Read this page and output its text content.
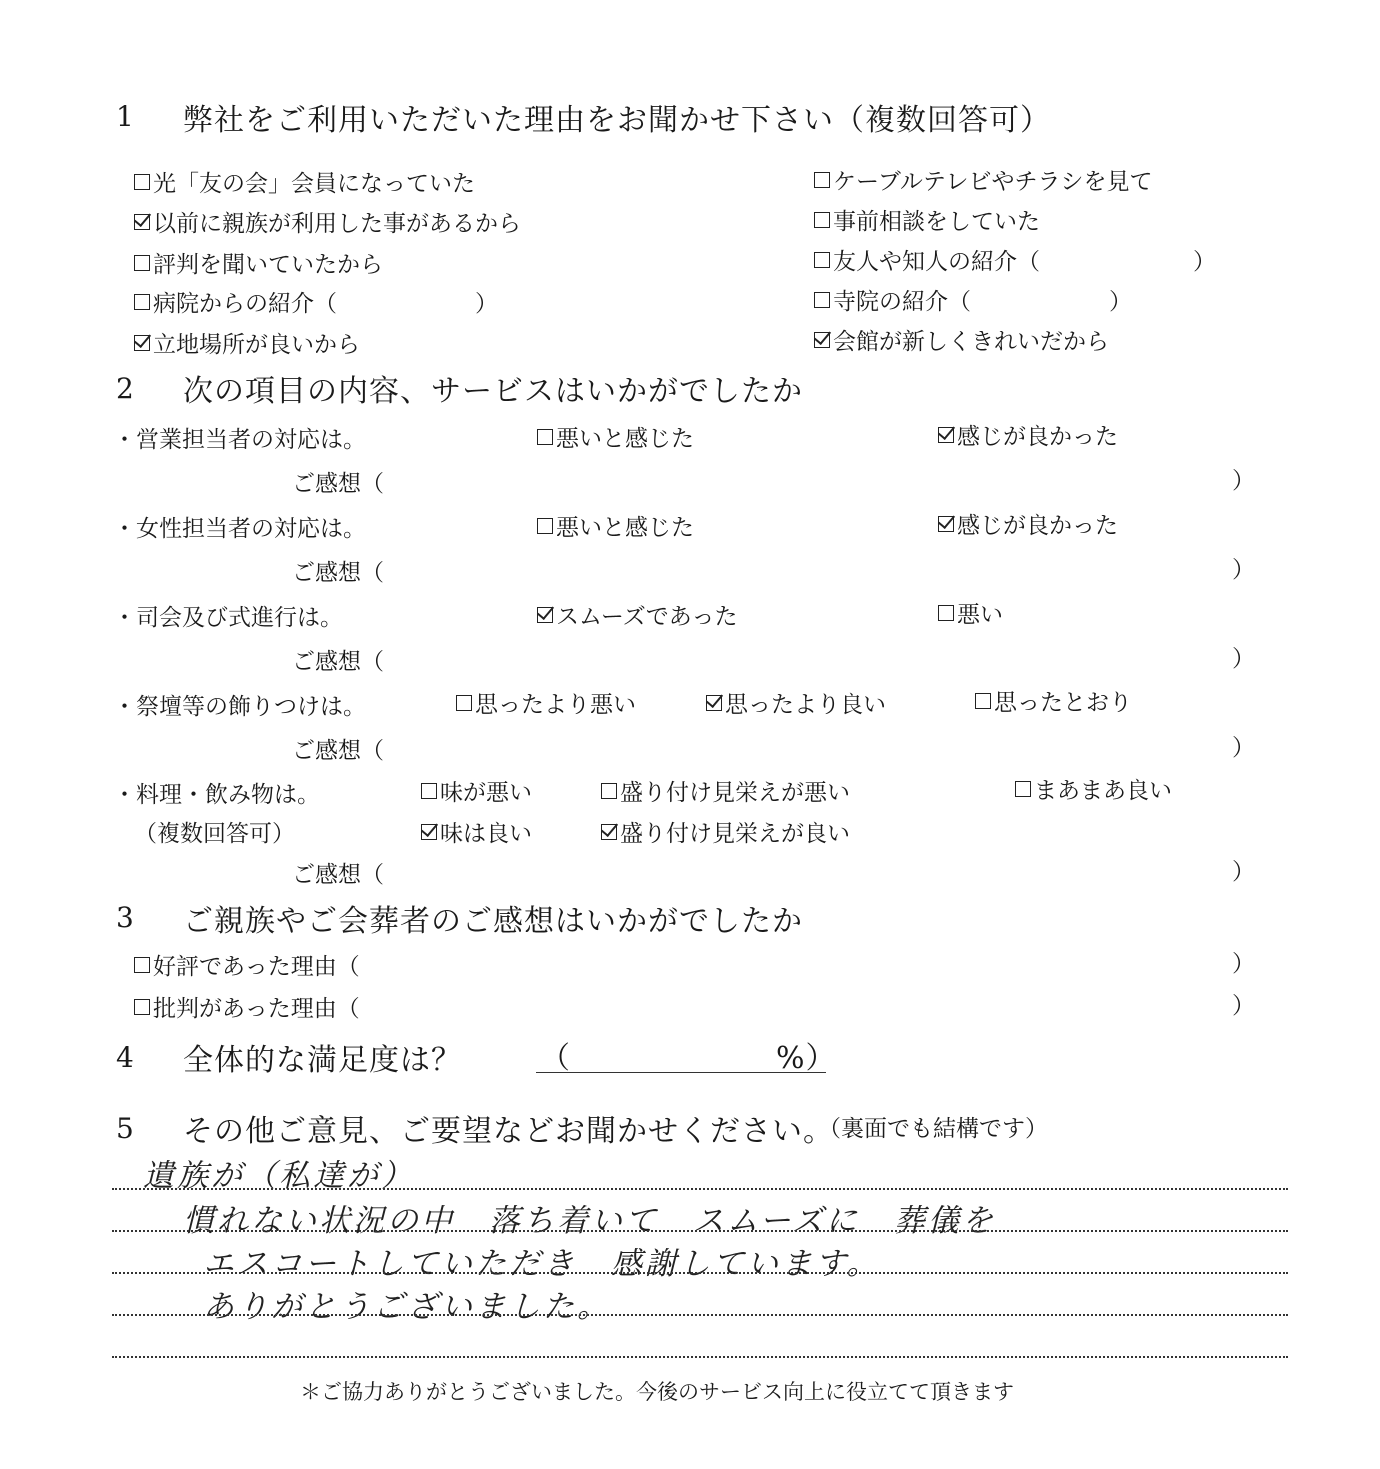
1 弊社をご利用いただいた理由をお聞かせ下さい（複数回答可）
光「友の会」会員になっていた
以前に親族が利用した事があるから
評判を聞いていたから
病院からの紹介（　　　　　　）
立地場所が良いから
ケーブルテレビやチラシを見て
事前相談をしていた
友人や知人の紹介（	）
寺院の紹介（　　　　　　）
会館が新しくきれいだから
2 次の項目の内容、サービスはいかがでしたか
・営業担当者の対応は。	悪いと感じた	感じが良かった
ご感想（	）
・女性担当者の対応は。	悪いと感じた	感じが良かった
ご感想（	）
・司会及び式進行は。	スムーズであった	悪い
ご感想（	）
・祭壇等の飾りつけは。	思ったより悪い	思ったより良い	思ったとおり
ご感想（	）
・料理・飲み物は。
（複数回答可）
味が悪い	盛り付け見栄えが悪い	まあまあ良い
味は良い	盛り付け見栄えが良い
ご感想（	）
3 ご親族やご会葬者のご感想はいかがでしたか
好評であった理由（	）
批判があった理由（	）
4 全体的な満足度は？	（	%）
5 その他ご意見、ご要望などお聞かせください。
（裏面でも結構です）
遺族が（私達が）
慣れない状況の中　落ち着いて　スムーズに　葬儀を
エスコートしていただき　感謝しています。
ありがとうございました。
＊ご協力ありがとうございました。今後のサービス向上に役立てて頂きます
